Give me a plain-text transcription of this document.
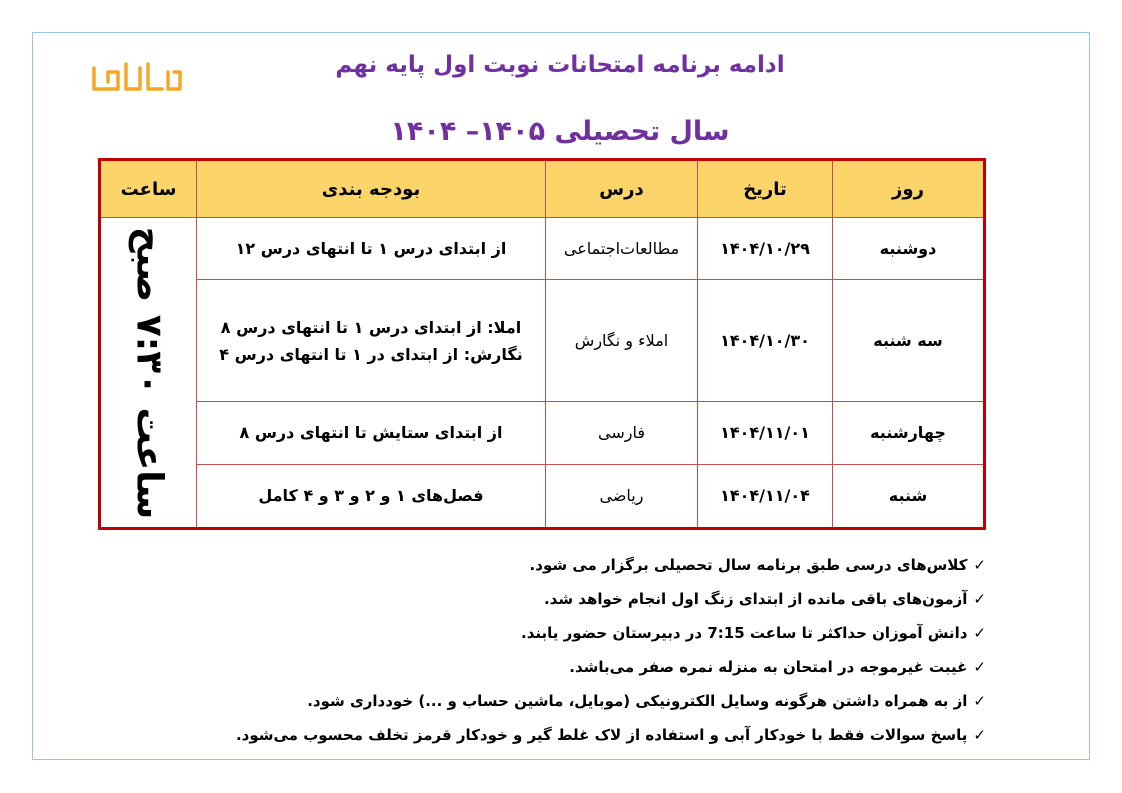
ادامه برنامه امتحانات نوبت اول پایه نهم
سال تحصیلی ۱۴۰۵– ۱۴۰۴
روز	تاریخ	درس	بودجه بندی	ساعت
دوشنبه	۱۴۰۴/۱۰/۲۹	مطالعات‌اجتماعی	از ابتدای درس ۱ تا انتهای درس ۱۲	ساعت ۷:۳۰ صبح

سه شنبه	۱۴۰۴/۱۰/۳۰	املاء و نگارش	املا: از ابتدای درس ۱ تا انتهای درس ۸
نگارش: از ابتدای در ۱ تا انتهای درس ۴	

چهارشنبه	۱۴۰۴/۱۱/۰۱	فارسی	از ابتدای ستایش تا انتهای درس ۸	

شنبه	۱۴۰۴/۱۱/۰۴	ریاضی	فصل‌های ۱ و ۲ و ۳ و ۴ کامل	
✓کلاس‌های درسی طبق برنامه سال تحصیلی برگزار می شود.
✓آزمون‌های باقی مانده از ابتدای زنگ اول انجام خواهد شد.
✓دانش آموزان حداکثر تا ساعت 7:15 در دبیرستان حضور یابند.
✓غیبت غیرموجه در امتحان به منزله نمره صفر می‌باشد.
✓از به همراه داشتن هرگونه وسایل الکترونیکی (موبایل، ماشین حساب و ...) خودداری شود.
✓پاسخ سوالات فقط با خودکار آبی و استفاده از لاک غلط گیر و خودکار قرمز تخلف محسوب می‌شود.
